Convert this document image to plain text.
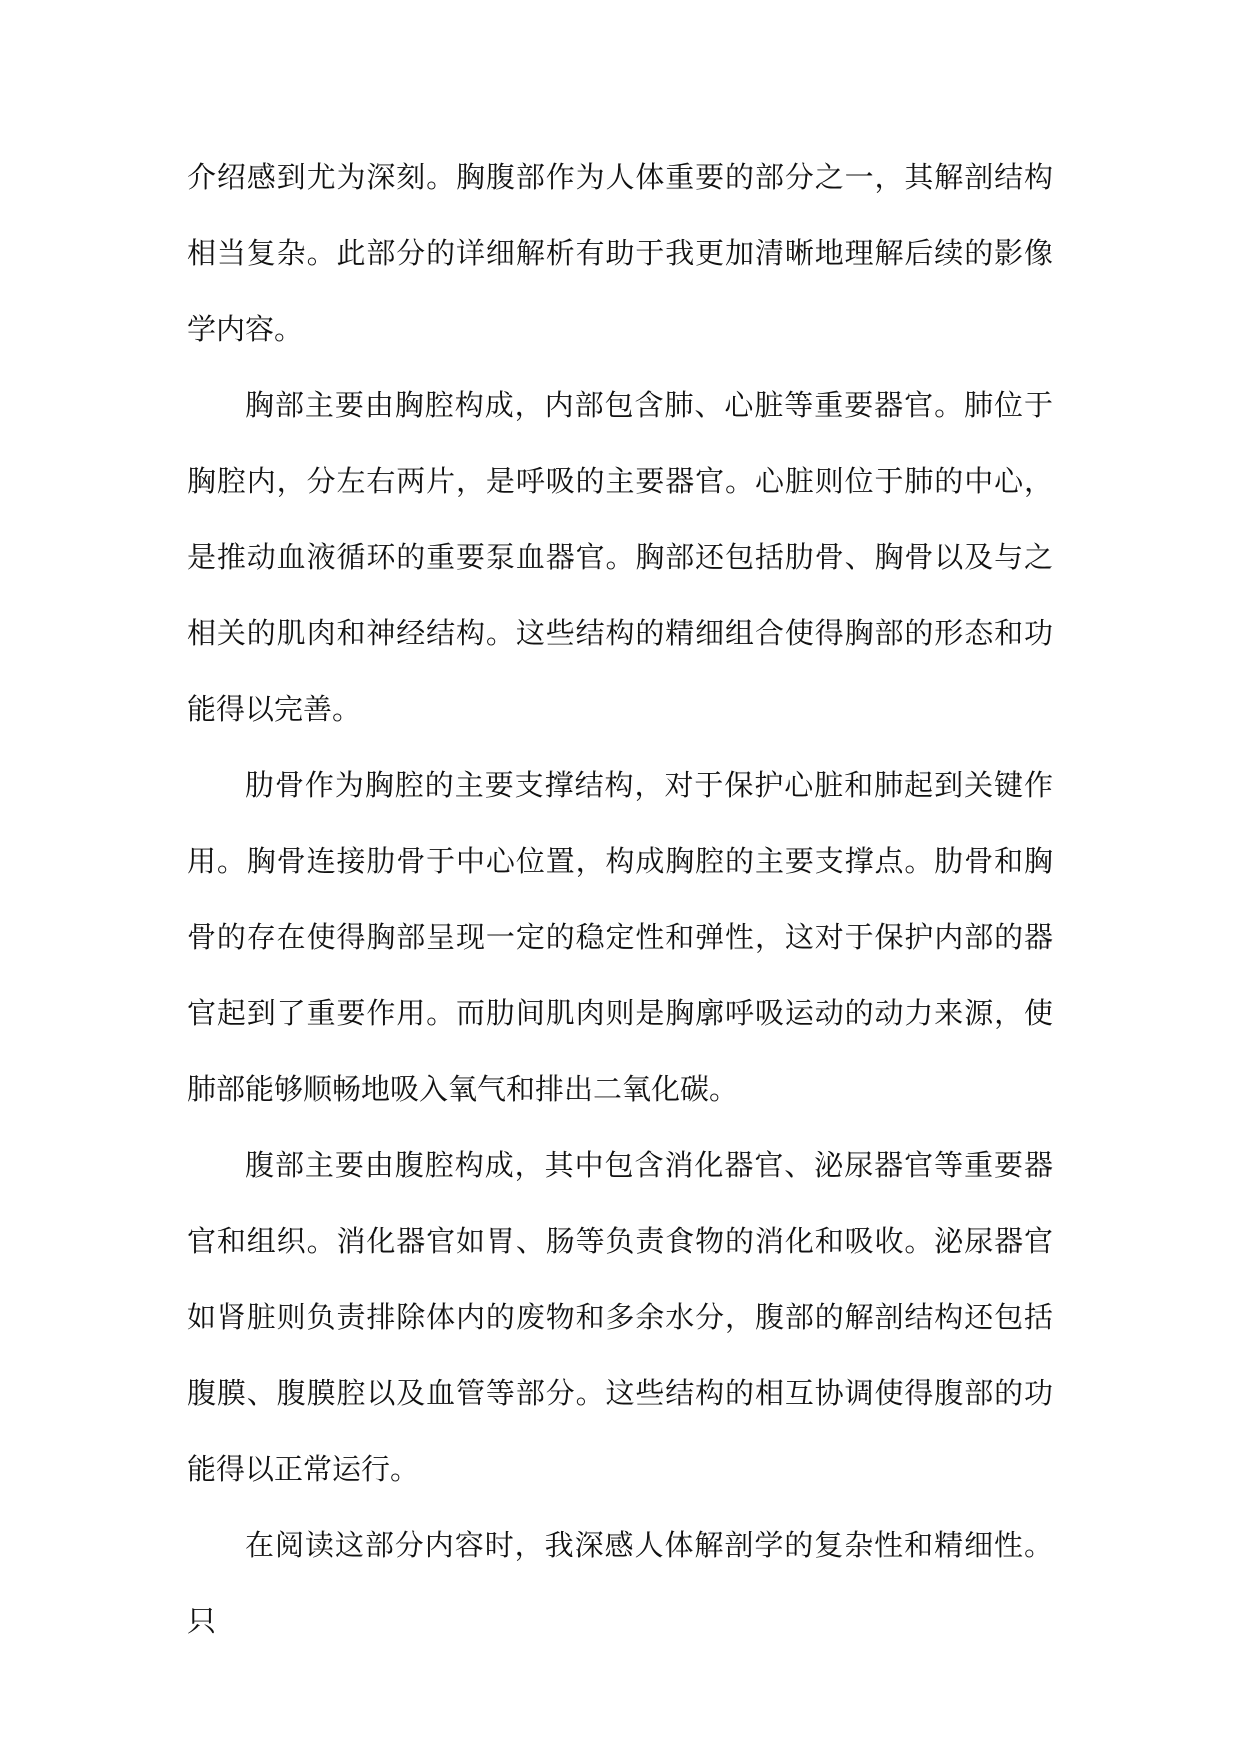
介绍感到尤为深刻。胸腹部作为人体重要的部分之一，其解剖结构相当复杂。此部分的详细解析有助于我更加清晰地理解后续的影像学内容。

胸部主要由胸腔构成，内部包含肺、心脏等重要器官。肺位于胸腔内，分左右两片，是呼吸的主要器官。心脏则位于肺的中心，是推动血液循环的重要泵血器官。胸部还包括肋骨、胸骨以及与之相关的肌肉和神经结构。这些结构的精细组合使得胸部的形态和功能得以完善。

肋骨作为胸腔的主要支撑结构，对于保护心脏和肺起到关键作用。胸骨连接肋骨于中心位置，构成胸腔的主要支撑点。肋骨和胸骨的存在使得胸部呈现一定的稳定性和弹性，这对于保护内部的器官起到了重要作用。而肋间肌肉则是胸廓呼吸运动的动力来源，使肺部能够顺畅地吸入氧气和排出二氧化碳。

腹部主要由腹腔构成，其中包含消化器官、泌尿器官等重要器官和组织。消化器官如胃、肠等负责食物的消化和吸收。泌尿器官如肾脏则负责排除体内的废物和多余水分，腹部的解剖结构还包括腹膜、腹膜腔以及血管等部分。这些结构的相互协调使得腹部的功能得以正常运行。

在阅读这部分内容时，我深感人体解剖学的复杂性和精细性。只
